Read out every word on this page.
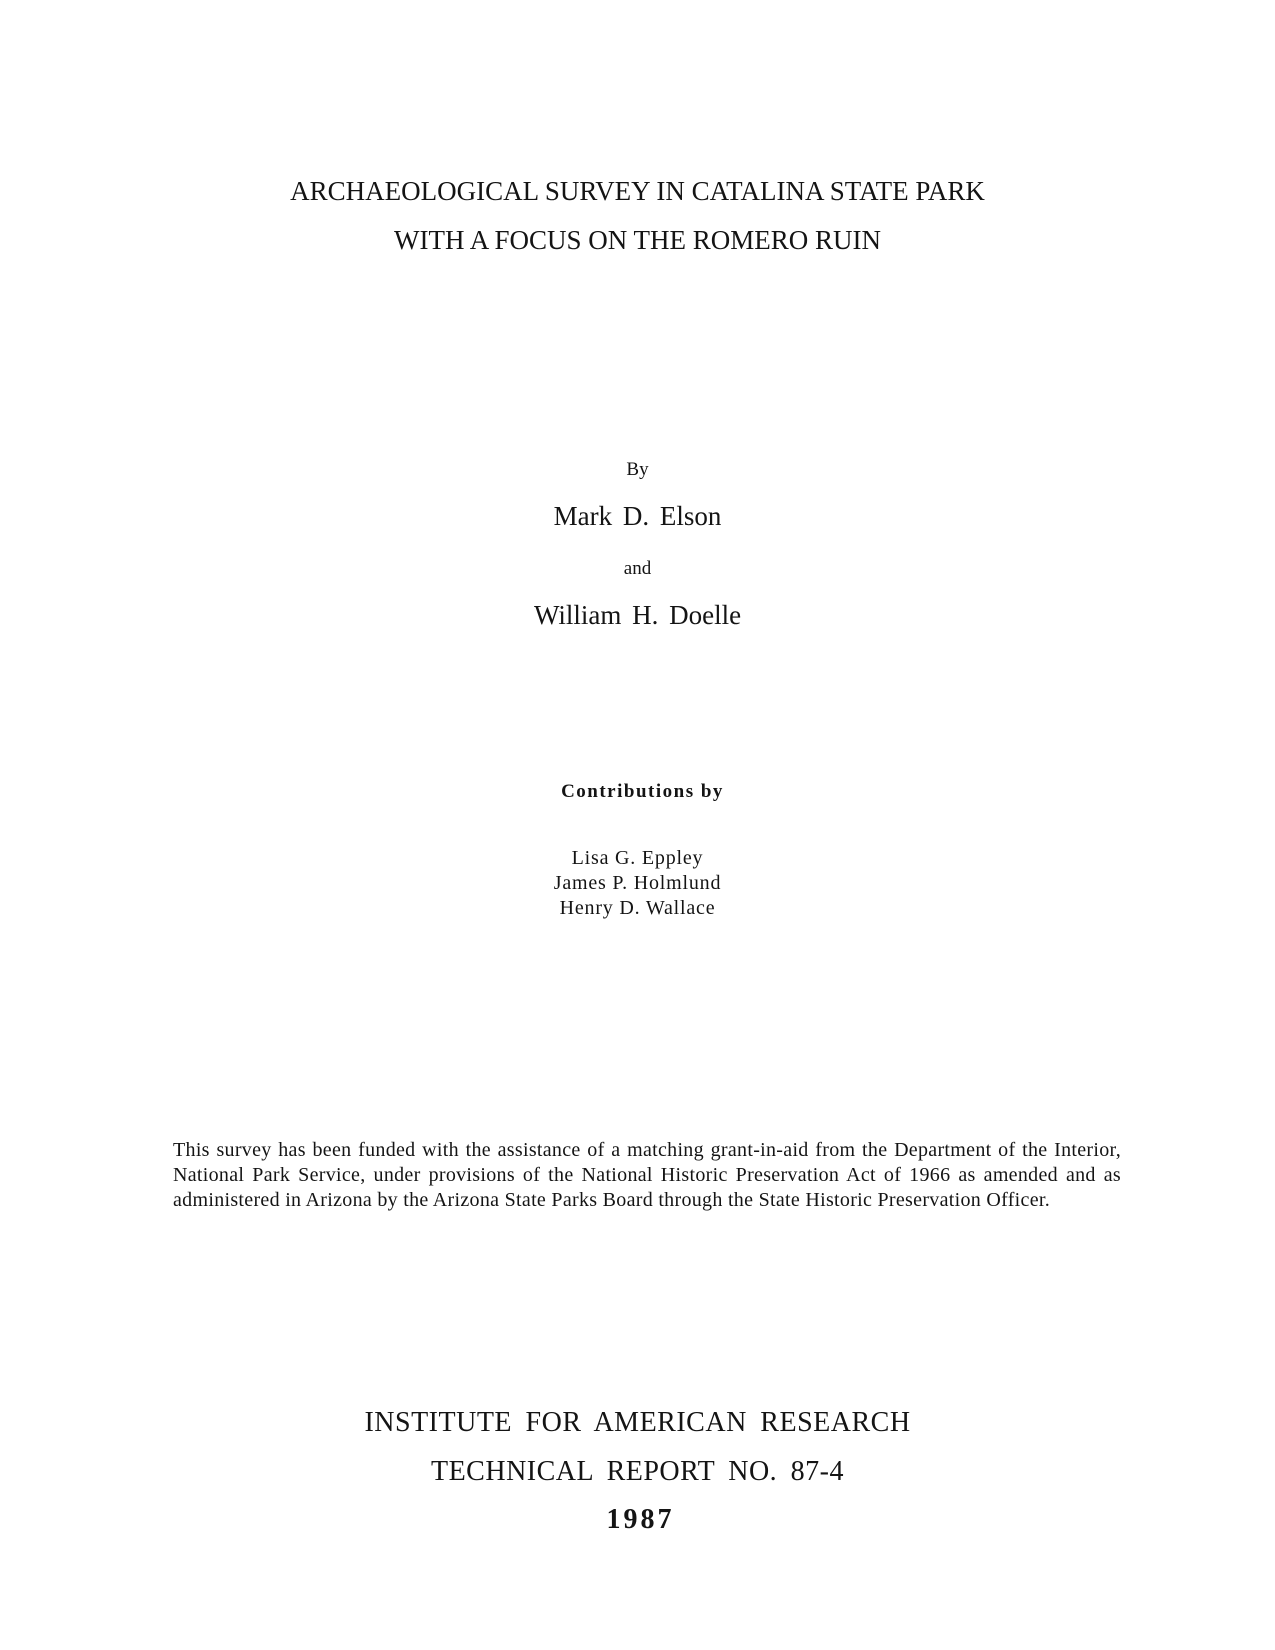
ARCHAEOLOGICAL SURVEY IN CATALINA STATE PARK
WITH A FOCUS ON THE ROMERO RUIN
By
Mark D. Elson
and
William H. Doelle
Contributions by
Lisa G. Eppley
James P. Holmlund
Henry D. Wallace
This survey has been funded with the assistance of a matching grant-in-aid from the Department of the Interior, National Park Service, under provisions of the National Historic Preservation Act of 1966 as amended and as administered in Arizona by the Arizona State Parks Board through the State Historic Preservation Officer.
INSTITUTE FOR AMERICAN RESEARCH
TECHNICAL REPORT NO. 87-4
1987
